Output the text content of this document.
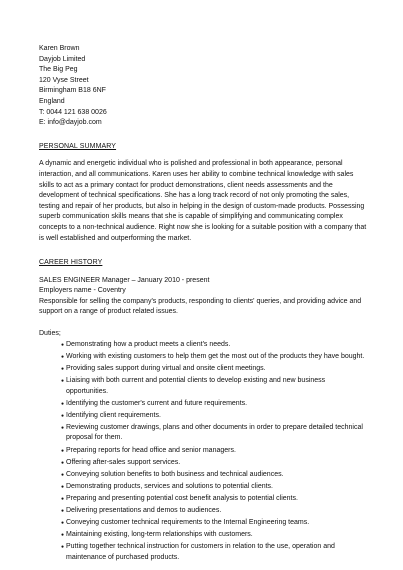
Karen Brown
Dayjob Limited
The Big Peg
120 Vyse Street
Birmingham B18 6NF
England
T: 0044 121 638 0026
E: info@dayjob.com
PERSONAL SUMMARY

A dynamic and energetic individual who is polished and professional in both appearance, personal interaction, and all communications. Karen uses her ability to combine technical knowledge with sales skills to act as a primary contact for product demonstrations, client needs assessments and the development of technical specifications. She has a long track record of not only promoting the sales, testing and repair of her products, but also in helping in the design of custom-made products. Possessing superb communication skills means that she is capable of simplifying and communicating complex concepts to a non-technical audience. Right now she is looking for a suitable position with a company that is well established and outperforming the market.

CAREER HISTORY
SALES ENGINEER Manager – January 2010 - present
Employers name - Coventry

Responsible for selling the company's products, responding to clients' queries, and providing advice and support on a range of product related issues.

Duties;

● Demonstrating how a product meets a client's needs.
● Working with existing customers to help them get the most out of the products they have bought.
● Providing sales support during virtual and onsite client meetings.
● Liaising with both current and potential clients to develop existing and new business opportunities.
● Identifying the customer's current and future requirements.
● Identifying client requirements.
● Reviewing customer drawings, plans and other documents in order to prepare detailed technical proposal for them.
● Preparing reports for head office and senior managers.
● Offering after-sales support services.
● Conveying solution benefits to both business and technical audiences.
● Demonstrating products, services and solutions to potential clients.
● Preparing and presenting potential cost benefit analysis to potential clients.
● Delivering presentations and demos to audiences.
● Conveying customer technical requirements to the Internal Engineering teams.
● Maintaining existing, long-term relationships with customers.
● Putting together technical instruction for customers in relation to the use, operation and maintenance of purchased products.
